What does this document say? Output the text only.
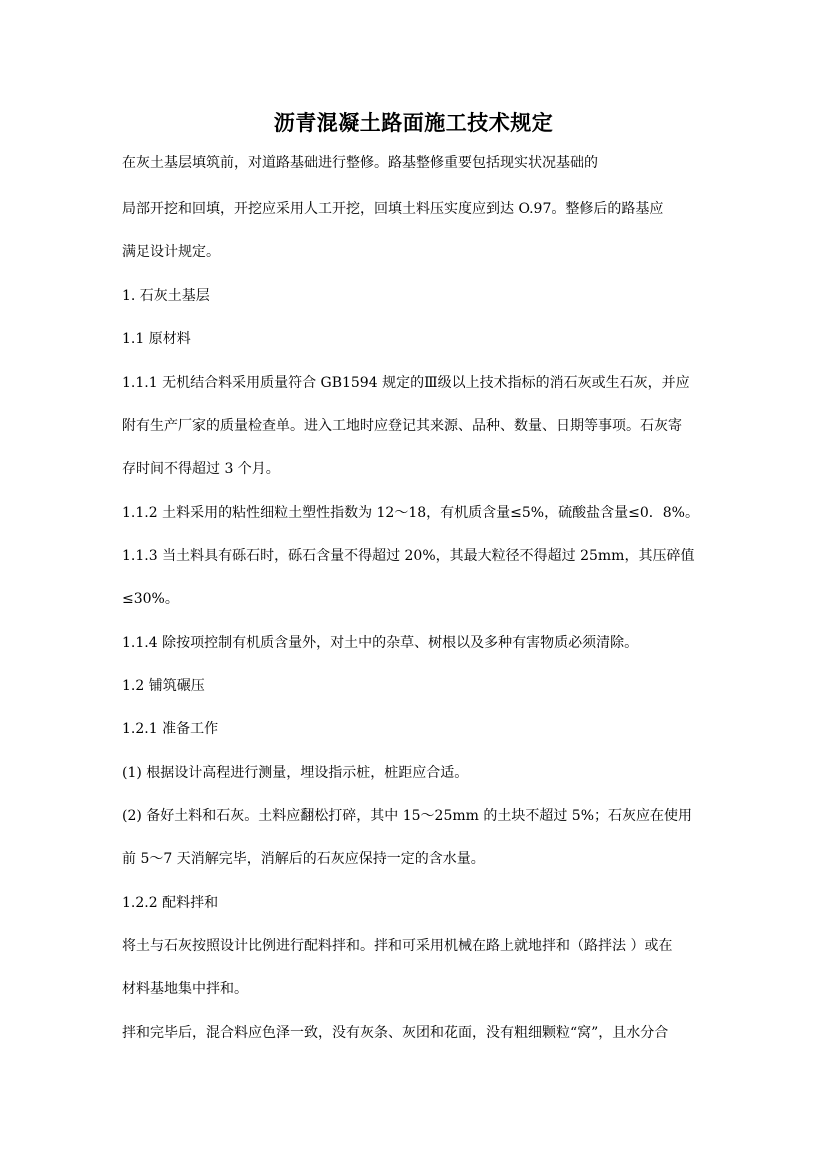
沥青混凝土路面施工技术规定
在灰土基层填筑前，对道路基础进行整修。路基整修重要包括现实状况基础的
局部开挖和回填，开挖应采用人工开挖，回填土料压实度应到达 O.97。整修后的路基应
满足设计规定。
1. 石灰土基层
1.1 原材料
1.1.1 无机结合料采用质量符合 GB1594 规定的Ⅲ级以上技术指标的消石灰或生石灰，并应
附有生产厂家的质量检查单。进入工地时应登记其来源、品种、数量、日期等事项。石灰寄
存时间不得超过 3 个月。
1.1.2 土料采用的粘性细粒土塑性指数为 12～18，有机质含量≤5%，硫酸盐含量≤0．8%。
1.1.3 当土料具有砾石时，砾石含量不得超过 20%，其最大粒径不得超过 25mm，其压碎值
≤30%。
1.1.4 除按项控制有机质含量外，对土中的杂草、树根以及多种有害物质必须清除。
1.2 铺筑碾压
1.2.1 准备工作
(1) 根据设计高程进行测量，埋设指示桩，桩距应合适。
(2) 备好土料和石灰。土料应翻松打碎，其中 15～25mm 的土块不超过 5%；石灰应在使用
前 5～7 天消解完毕，消解后的石灰应保持一定的含水量。
1.2.2 配料拌和
将土与石灰按照设计比例进行配料拌和。拌和可采用机械在路上就地拌和（路拌法 ）或在
材料基地集中拌和。
拌和完毕后，混合料应色泽一致，没有灰条、灰团和花面，没有粗细颗粒“窝”，且水分合
